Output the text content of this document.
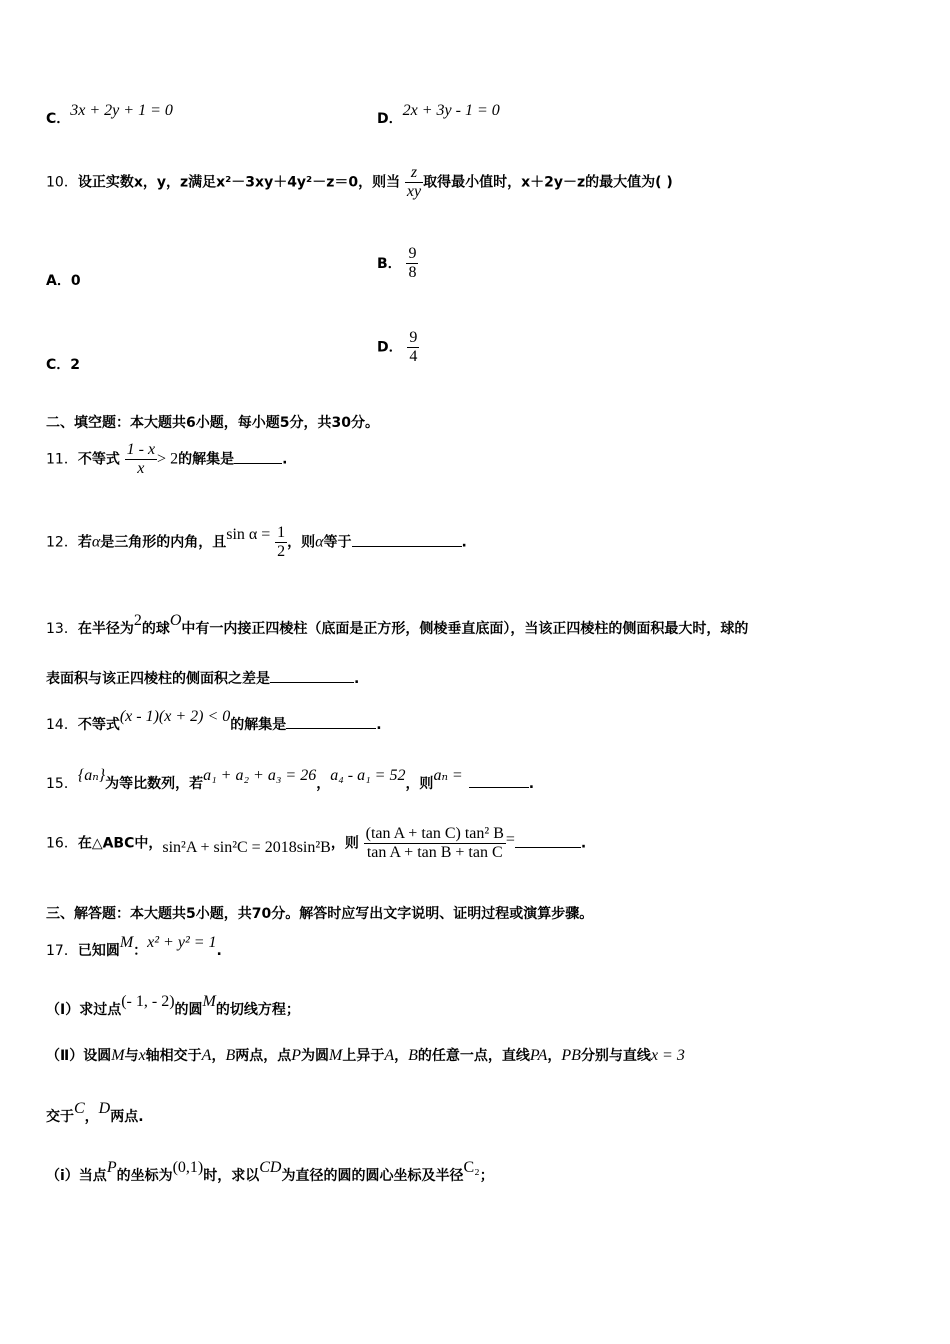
C．3x + 2y + 1 = 0	D．2x + 3y - 1 = 0
10．设正实数x，y，z满足x²－3xy＋4y²－z＝0，则当 $\frac{z}{xy}$ 取得最小值时，x＋2y－z的最大值为( )
A．0
B． $\frac{9}{8}$
C．2
D． $\frac{9}{4}$
二、填空题：本大题共6小题，每小题5分，共30分。
11．不等式 $\frac{1 - x}{x} > 2$的解集是	.
12．若α是三角形的内角，且$\sin \alpha = \frac{1}{2}$ ，则α等于	.
13．在半径为2的球O中有一内接正四棱柱（底面是正方形，侧棱垂直底面），当该正四棱柱的侧面积最大时，球的
表面积与该正四棱柱的侧面积之差是	.
14．不等式(x - 1)(x + 2) < 0的解集是	.
15．{aₙ}为等比数列，若a₁ + a₂ + a₃ = 26，a₄ - a₁ = 52，则aₙ =	.
16．在△ABC中，sin²A + sin²C = 2018sin²B，则 $\frac{\text{(tan A + tan C) tan² B}}{\text{tan A + tan B + tan C}}$ =	.
三、解答题：本大题共5小题，共70分。解答时应写出文字说明、证明过程或演算步骤。
17．已知圆M：x² + y² = 1.
（Ⅰ）求过点(- 1, - 2)的圆M的切线方程；
（Ⅱ）设圆M与x轴相交于A，B两点，点P为圆M上异于A，B的任意一点，直线PA，PB分别与直线x = 3
交于C，D两点.
（ⅰ）当点P的坐标为(0,1)时，求以CD为直径的圆的圆心坐标及半径C₂；
